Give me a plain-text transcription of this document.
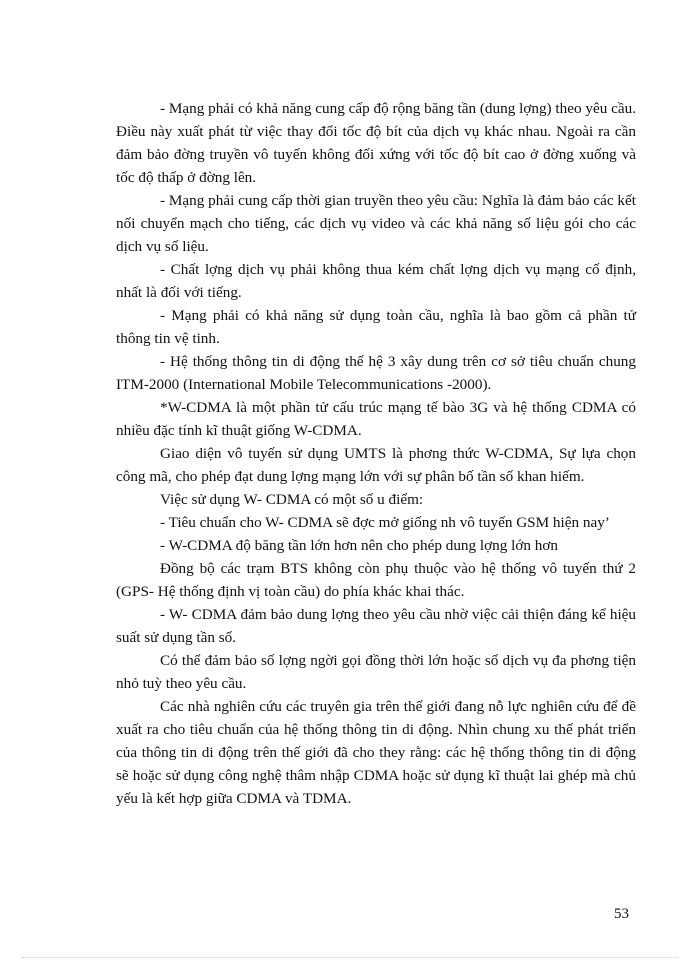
- Mạng phải có khả năng cung cấp độ rộng băng tần (dung lợng) theo yêu cầu. Điều này xuất phát từ việc thay đổi tốc độ bít của dịch vụ khác nhau. Ngoài ra cần đảm bảo đờng truyền vô tuyến không đối xứng với tốc độ bít cao ở đờng xuống và tốc độ thấp ở đờng lên.

- Mạng phải cung cấp thời gian truyền theo yêu cầu: Nghĩa là đảm bảo các kết nối chuyển mạch cho tiếng, các dịch vụ video và các khả năng số liệu gói cho các dịch vụ số liệu.

- Chất lợng dịch vụ phải không thua kém chất lợng dịch vụ mạng cố định, nhất là đối với tiếng.

- Mạng phải có khả năng sử dụng toàn cầu, nghĩa là bao gồm cả phần tử thông tin vệ tinh.

- Hệ thống thông tin di động thế hệ 3 xây dung trên cơ sở tiêu chuẩn chung ITM-2000 (International Mobile Telecommunications -2000).

*W-CDMA là một phần tử cấu trúc mạng tế bào 3G và hệ thống CDMA có nhiều đặc tính kĩ thuật giống W-CDMA.

Giao diện vô tuyến sử dụng UMTS là phơng thức W-CDMA, Sự lựa chọn công mã, cho phép đạt dung lợng mạng lớn với sự phân bố tần số khan hiếm.

Việc sử dụng W- CDMA có một số u điểm:

- Tiêu chuẩn cho W- CDMA sẽ đợc mở giống nh vô tuyến GSM hiện nay’

- W-CDMA độ băng tần lớn hơn nên cho phép dung lợng lớn hơn

Đồng bộ các trạm BTS không còn phụ thuộc vào hệ thống vô tuyến thứ 2 (GPS- Hệ thống định vị toàn cầu) do phía khác khai thác.

- W- CDMA đảm bảo dung lợng theo yêu cầu nhờ việc cải thiện đáng kể hiệu suất sử dụng tần số.

Có thể đảm bảo số lợng ngời gọi đồng thời lớn hoặc số dịch vụ đa phơng tiện nhỏ tuỳ theo yêu cầu.

Các nhà nghiên cứu các truyên gia trên thế giới đang nỗ lực nghiên cứu để đề xuất ra cho tiêu chuẩn của hệ thống thông tin di động. Nhìn chung xu thế phát triển của thông tin di động trên thế giới đã cho they rằng: các hệ thống thông tin di động sẽ hoặc sử dụng công nghệ thâm nhập CDMA hoặc sử dụng kĩ thuật lai ghép mà chủ yếu là kết hợp giữa CDMA và TDMA.

53
